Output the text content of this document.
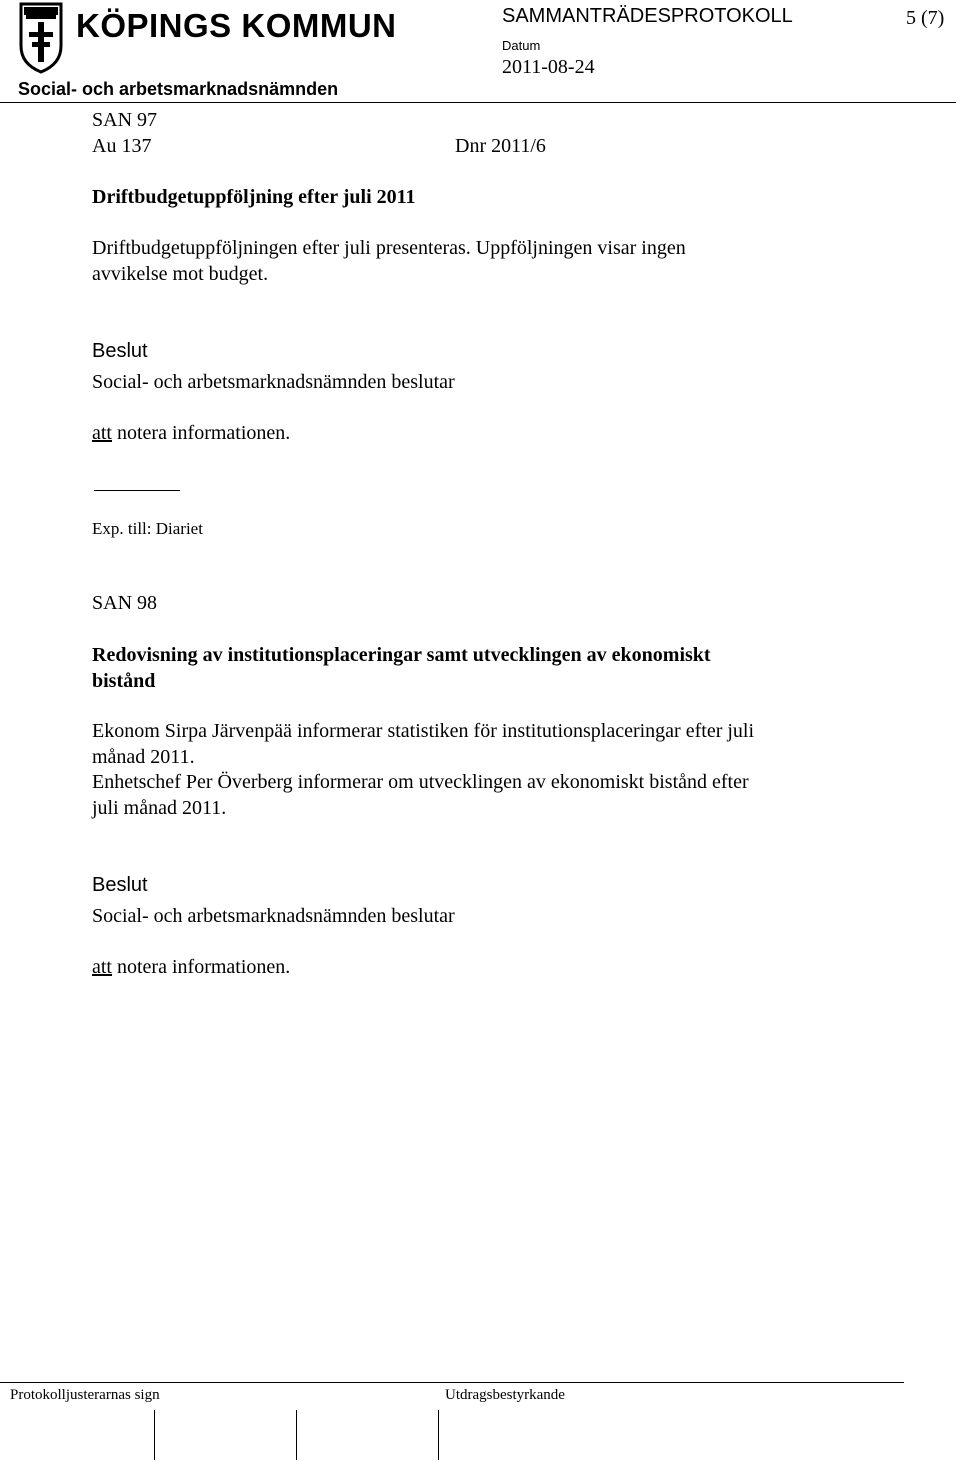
KÖPINGS KOMMUN
Social- och arbetsmarknadsnämnden
SAMMANTRÄDESPROTOKOLL	5 (7)
Datum
2011-08-24
SAN 97
Au 137	Dnr 2011/6
Driftbudgetuppföljning efter juli 2011
Driftbudgetuppföljningen efter juli presenteras. Uppföljningen visar ingen
avvikelse mot budget.
Beslut
Social- och arbetsmarknadsnämnden beslutar
att notera informationen.
Exp. till: Diariet
SAN 98
Redovisning av institutionsplaceringar samt utvecklingen av ekonomiskt
bistånd
Ekonom Sirpa Järvenpää informerar statistiken för institutionsplaceringar efter juli
månad 2011.
Enhetschef Per Överberg informerar om utvecklingen av ekonomiskt bistånd efter
juli månad 2011.
Beslut
Social- och arbetsmarknadsnämnden beslutar
att notera informationen.
Protokolljusterarnas sign	Utdragsbestyrkande
